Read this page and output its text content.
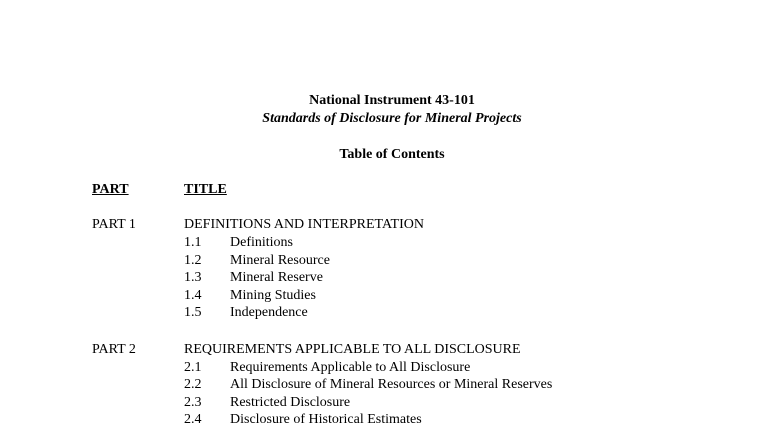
National Instrument 43-101
Standards of Disclosure for Mineral Projects
Table of Contents
PART	TITLE
PART 1	DEFINITIONS AND INTERPRETATION
1.1 Definitions
1.2 Mineral Resource
1.3 Mineral Reserve
1.4 Mining Studies
1.5 Independence
PART 2	REQUIREMENTS APPLICABLE TO ALL DISCLOSURE
2.1 Requirements Applicable to All Disclosure
2.2 All Disclosure of Mineral Resources or Mineral Reserves
2.3 Restricted Disclosure
2.4 Disclosure of Historical Estimates
